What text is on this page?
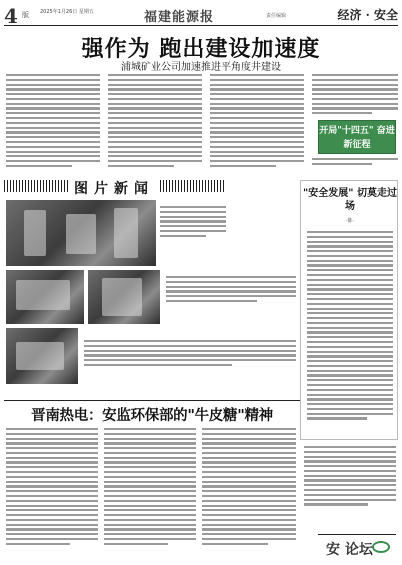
4 版 2025年1月26日 星期五	福建能源报	责任编辑	经济 · 安全
强作为 跑出建设加速度
浦城矿业公司加速推进平角度井建设
开局"十四五" 奋进新征程
图片新闻	"安全发展" 切莫走过场
·陈·
晋南热电：安监环保部的"牛皮糖"精神
安 论坛
